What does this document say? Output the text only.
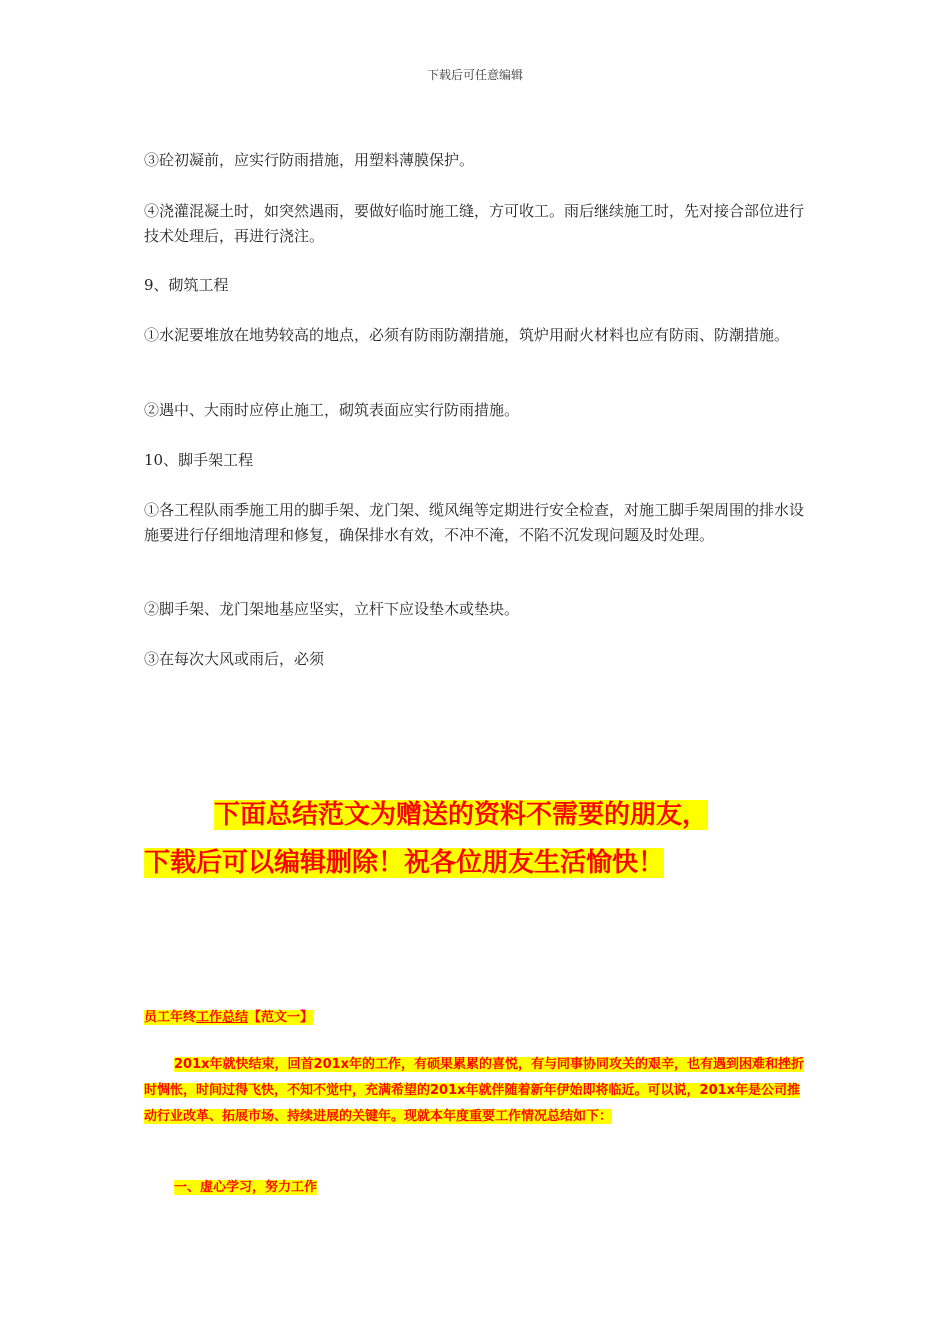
下载后可任意编辑

③砼初凝前，应实行防雨措施，用塑料薄膜保护。

④浇灌混凝土时，如突然遇雨，要做好临时施工缝，方可收工。雨后继续施工时，先对接合部位进行技术处理后，再进行浇注。

9、砌筑工程

①水泥要堆放在地势较高的地点，必须有防雨防潮措施，筑炉用耐火材料也应有防雨、防潮措施。

②遇中、大雨时应停止施工，砌筑表面应实行防雨措施。

10、脚手架工程

①各工程队雨季施工用的脚手架、龙门架、缆风绳等定期进行安全检查，对施工脚手架周围的排水设施要进行仔细地清理和修复，确保排水有效，不冲不淹，不陷不沉发现问题及时处理。

②脚手架、龙门架地基应坚实，立杆下应设垫木或垫块。

③在每次大风或雨后，必须

下面总结范文为赠送的资料不需要的朋友，
下载后可以编辑删除！祝各位朋友生活愉快！

员工年终工作总结【范文一】

201x年就快结束，回首201x年的工作，有硕果累累的喜悦，有与同事协同攻关的艰辛，也有遇到困难和挫折时惆怅，时间过得飞快，不知不觉中，充满希望的201x年就伴随着新年伊始即将临近。可以说，201x年是公司推动行业改革、拓展市场、持续进展的关键年。现就本年度重要工作情况总结如下：

一、虚心学习，努力工作
